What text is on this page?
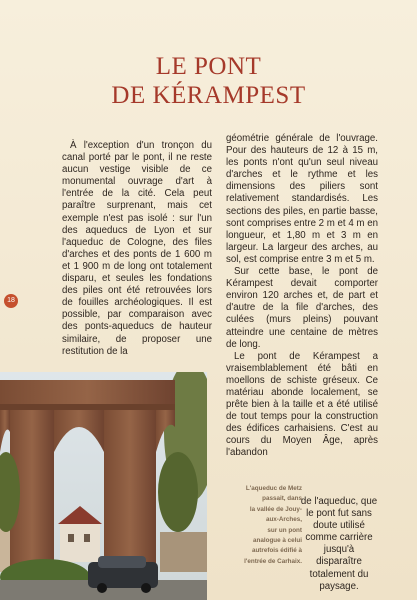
LE PONT
DE KÉRAMPEST
18

À l'exception d'un tronçon du canal porté par le pont, il ne reste aucun vestige visible de ce monumental ouvrage d'art à l'entrée de la cité. Cela peut paraître surprenant, mais cet exemple n'est pas isolé : sur l'un des aqueducs de Lyon et sur l'aqueduc de Cologne, des files d'arches et des ponts de 1 600 m et 1 900 m de long ont totalement disparu, et seules les fondations des piles ont été retrouvées lors de fouilles archéologiques. Il est possible, par comparaison avec des ponts-aqueducs de hauteur similaire, de proposer une restitution de la

géométrie générale de l'ouvrage. Pour des hauteurs de 12 à 15 m, les ponts n'ont qu'un seul niveau d'arches et le rythme et les dimensions des piliers sont relativement standardisés. Les sections des piles, en partie basse, sont comprises entre 2 m et 4 m en longueur, et 1,80 m et 3 m en largeur. La largeur des arches, au sol, est comprise entre 3 m et 5 m.

Sur cette base, le pont de Kérampest devait comporter environ 120 arches et, de part et d'autre de la file d'arches, des culées (murs pleins) pouvant atteindre une centaine de mètres de long.

Le pont de Kérampest a vraisemblablement été bâti en moellons de schiste gréseux. Ce matériau abonde localement, se prête bien à la taille et a été utilisé de tout temps pour la construction des édifices carhaisiens. C'est au cours du Moyen Âge, après l'abandon

de l'aqueduc, que le pont fut sans doute utilisé comme carrière jusqu'à disparaître totalement du paysage.

L'aqueduc de Metz
passait, dans
la vallée de Jouy-
aux-Arches,
sur un pont
analogue à celui
autrefois édifié à
l'entrée de Carhaix.
